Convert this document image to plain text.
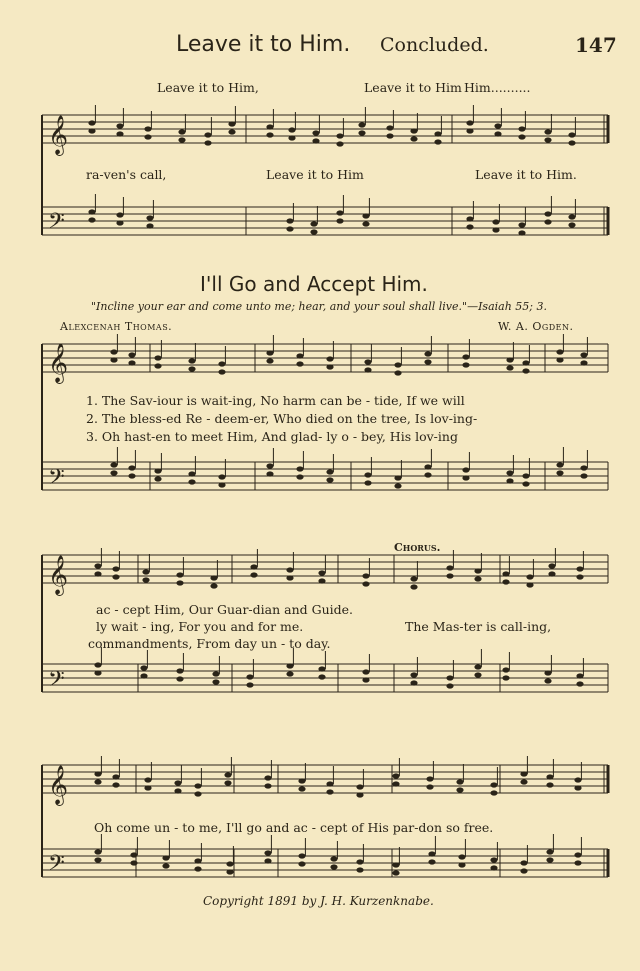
Leave it to Him. Concluded.	147
𝄞
𝄢
𝄞
𝄢
𝄞
𝄢
𝄞
𝄢
Leave it to Him,	Leave it to Him Him..........
ra-ven's call,	Leave it to Him	Leave it to Him.
I'll Go and Accept Him.
"Incline your ear and come unto me; hear, and your soul shall live."—Isaiah 55; 3.
Alexcenah Thomas.	W. A. Ogden.
1. The Sav-iour is wait-ing, No harm can be - tide, If we will
2. The bless-ed Re - deem-er, Who died on the tree, Is lov-ing-
3. Oh hast-en to meet Him, And glad- ly o - bey, His lov-ing
Chorus.
ac - cept Him, Our Guar-dian and Guide.
ly wait - ing, For you and for me.
commandments, From day un - to day.
The Mas-ter is call-ing,
Oh come un - to me, I'll go and ac - cept of His par-don so free.
Copyright 1891 by J. H. Kurzenknabe.
